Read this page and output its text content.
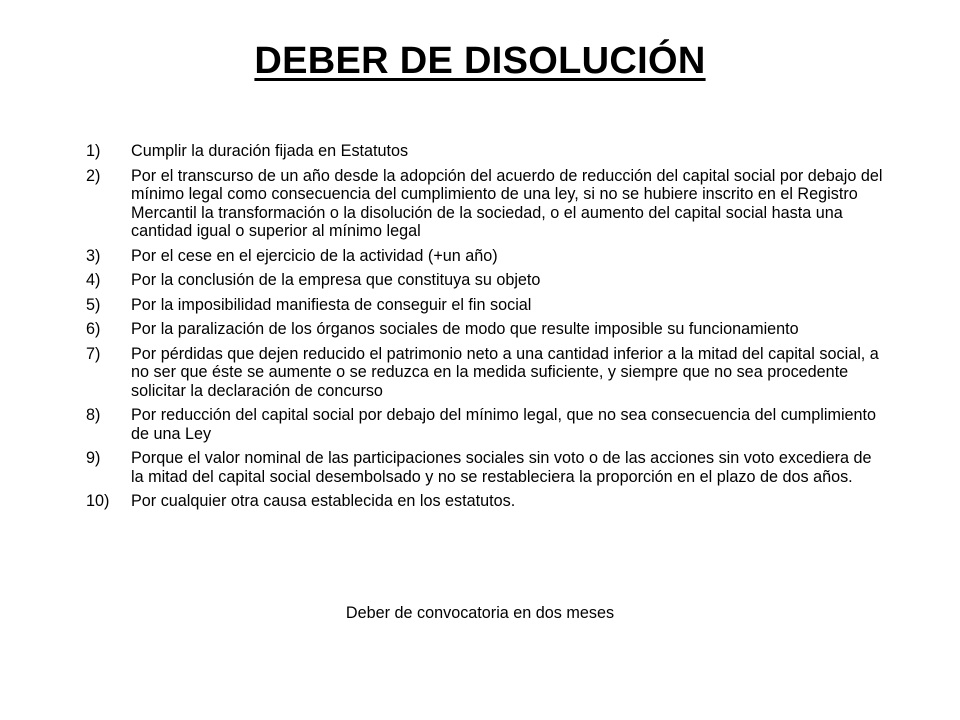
DEBER DE DISOLUCIÓN
1)	Cumplir la duración fijada en Estatutos
2)	Por el transcurso de un año desde la adopción del acuerdo de reducción del capital social por debajo del mínimo legal como consecuencia del cumplimiento de una ley, si no se hubiere inscrito en el Registro Mercantil la transformación o la disolución de la sociedad, o el aumento del capital social hasta una cantidad igual o superior al mínimo legal
3)	Por el cese en el ejercicio de la actividad (+un año)
4)	Por la conclusión de la empresa que constituya su objeto
5)	Por la imposibilidad manifiesta de conseguir el fin social
6)	Por la paralización de los órganos sociales de modo que resulte imposible su funcionamiento
7)	Por pérdidas que dejen reducido el patrimonio neto a una cantidad inferior a la mitad del capital social, a no ser que éste se aumente o se reduzca en la medida suficiente, y siempre que no sea procedente solicitar la declaración de concurso
8)	Por reducción del capital social por debajo del mínimo legal, que no sea consecuencia del cumplimiento de una Ley
9)	Porque el valor nominal de las participaciones sociales sin voto o de las acciones sin voto excediera de la mitad del capital social desembolsado y no se restableciera la proporción en el plazo de dos años.
10)	Por cualquier otra causa establecida en los estatutos.
Deber de convocatoria en dos meses
